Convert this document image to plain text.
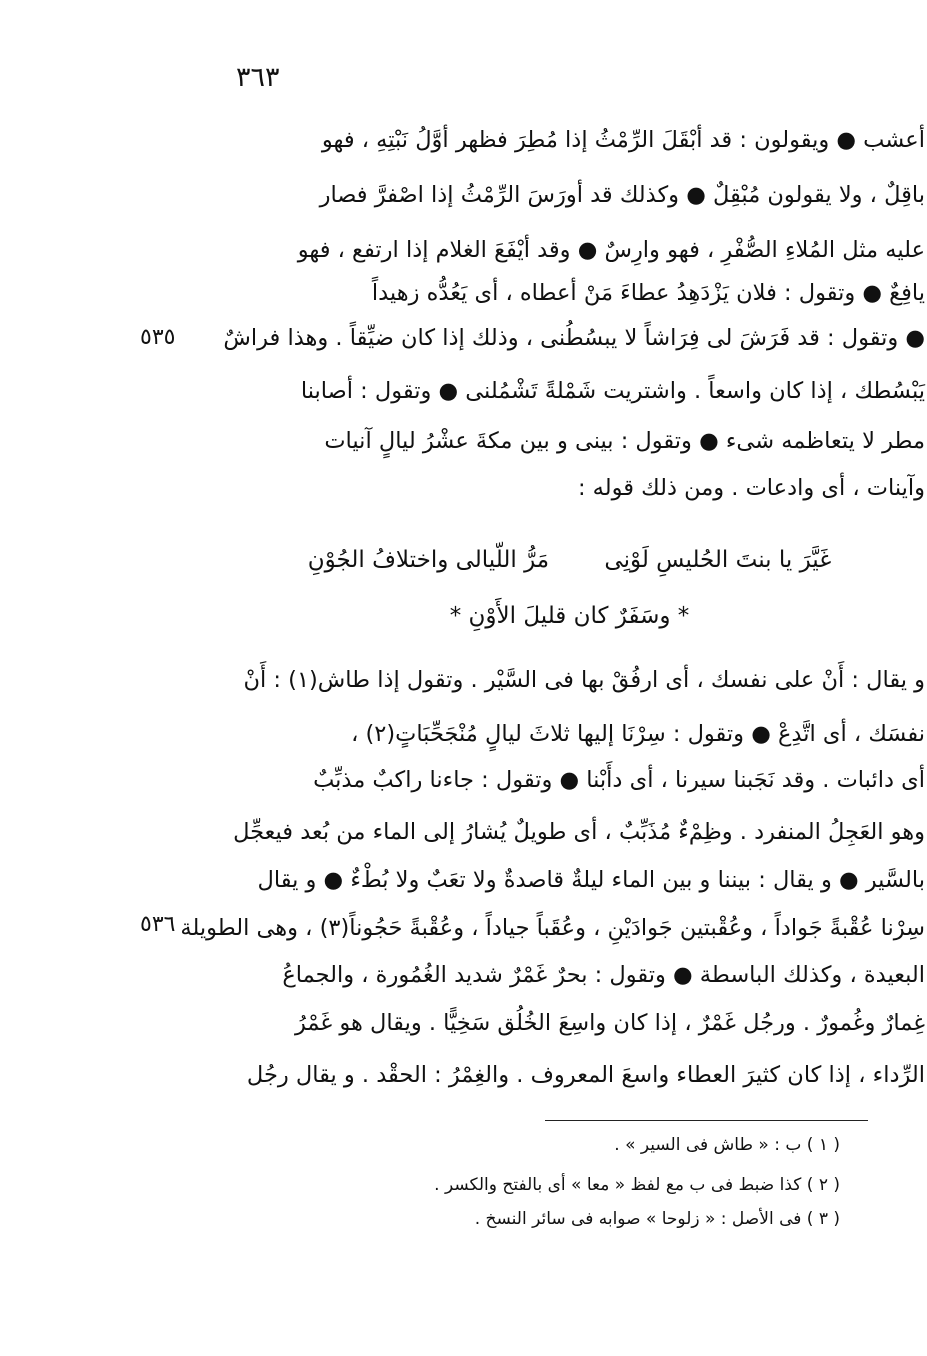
٣٦٣
أعشب ● ويقولون : قد أبْقَلَ الرِّمْثُ إذا مُطِرَ فظهر أوَّلُ نَبْتِهِ ، فهو
باقِلٌ ، ولا يقولون مُبْقِلٌ ● وكذلك قد أورَسَ الرِّمْثُ إذا اصْفرَّ فصار
عليه مثل المُلاءِ الصُّفْرِ ، فهو وارِسٌ ● وقد أيْفَعَ الغلام إذا ارتفع ، فهو
يافِعٌ ● وتقول : فلان يَزْدَهِدُ عطاءَ مَنْ أعطاه ، أى يَعُدُّه زهيداً
● وتقول : قد فَرَشَ لى فِرَاشاً لا يبسُطُنى ، وذلك إذا كان ضيِّقاً . وهذا فراشٌ
يَبْسُطك ، إذا كان واسعاً . واشتريت شَمْلةً تَشْمُلنى ● وتقول : أصابنا
مطر لا يتعاظمه شىء ● وتقول : بينى و بين مكةَ عشْرُ ليالٍ آنيات
وآينات ، أى وادعات . ومن ذلك قوله :
٥٣٥
غَيَّرَ يا بنتَ الحُليسِ لَوْنِى مَرُّ اللّيالى واختلافُ الجُوْنِ
* وسَفَرٌ كان قليلَ الأَوْنِ *
و يقال : أَنْ على نفسك ، أى ارفُقْ بها فى السَّيْر . وتقول إذا طاش(١) : أَنْ
نفسَك ، أى اتَّدِعْ ● وتقول : سِرْنَا إليها ثلاثَ ليالٍ مُنْجَحِّبَاتٍ(٢) ،
أى دائبات . وقد نَجَبنا سيرنا ، أى دأَبْنا ● وتقول : جاءنا راكبٌ مذبِّبٌ
وهو العَجِلُ المنفرد . وظِمْءٌ مُذَبِّبٌ ، أى طويلٌ يُشارُ إلى الماء من بُعد فيعجِّل
بالسَّير ● و يقال : بيننا و بين الماء ليلةٌ قاصدةٌ ولا تعَبٌ ولا بُطْءٌ ● و يقال
سِرْنا عُقْبةً جَواداً ، وعُقْبتين جَوادَيْنِ ، وعُقَباً جياداً ، وعُقْبةً حَجُوناً(٣) ، وهى الطويلة
البعيدة ، وكذلك الباسطة ● وتقول : بحرٌ غَمْرٌ شديد الغُمُورة ، والجماعُ
غِمارٌ وغُمورٌ . ورجُل غَمْرٌ ، إذا كان واسِعَ الخُلُق سَخِيًّا . ويقال هو غَمْرُ
الرِّداء ، إذا كان كثيرَ العطاء واسعَ المعروف . والغِمْرُ : الحقْد . و يقال رجُل
٥٣٦
( ١ ) ب : « طاش فى السير » .
( ٢ ) كذا ضبط فى ب مع لفظ « معا » أى بالفتح والكسر .
( ٣ ) فى الأصل : « زلوحا » صوابه فى سائر النسخ .
